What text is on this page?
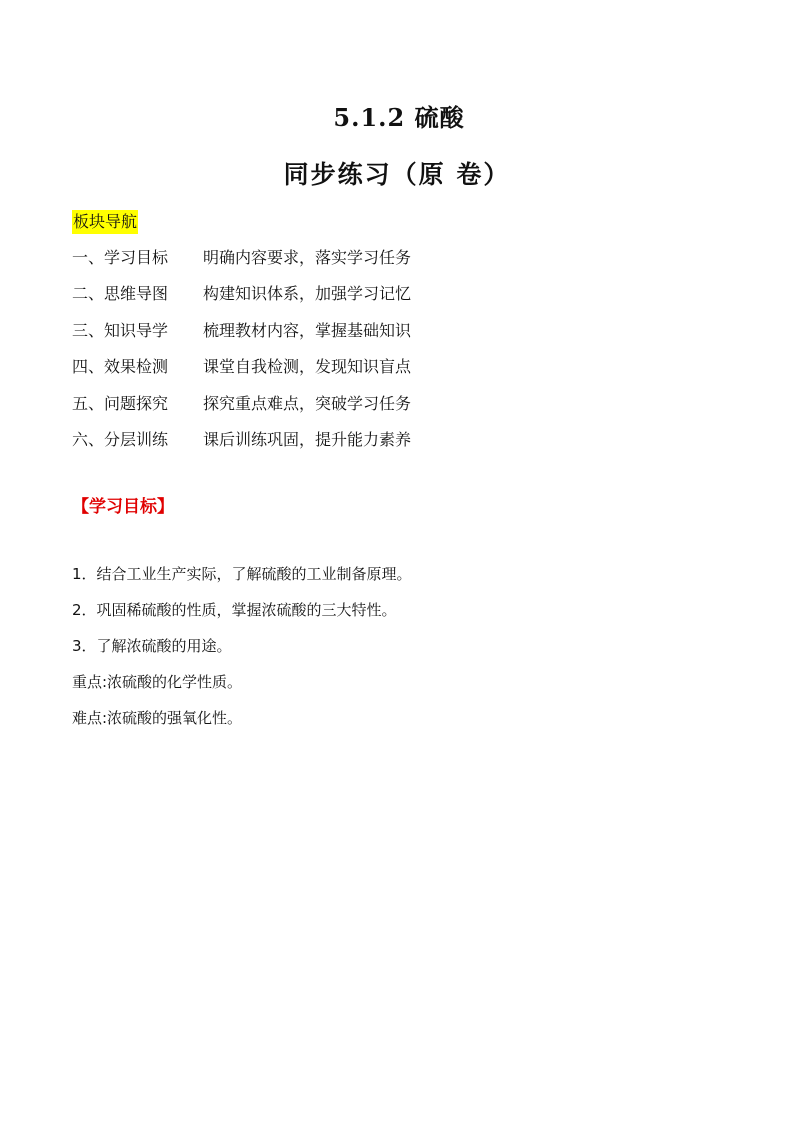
5.1.2 硫酸
同步练习（原 卷）
板块导航
一、学习目标 明确内容要求，落实学习任务
二、思维导图 构建知识体系，加强学习记忆
三、知识导学 梳理教材内容，掌握基础知识
四、效果检测 课堂自我检测，发现知识盲点
五、问题探究 探究重点难点，突破学习任务
六、分层训练 课后训练巩固，提升能力素养
【学习目标】
1．结合工业生产实际，了解硫酸的工业制备原理。
2．巩固稀硫酸的性质，掌握浓硫酸的三大特性。
3．了解浓硫酸的用途。
重点:浓硫酸的化学性质。
难点:浓硫酸的强氧化性。
